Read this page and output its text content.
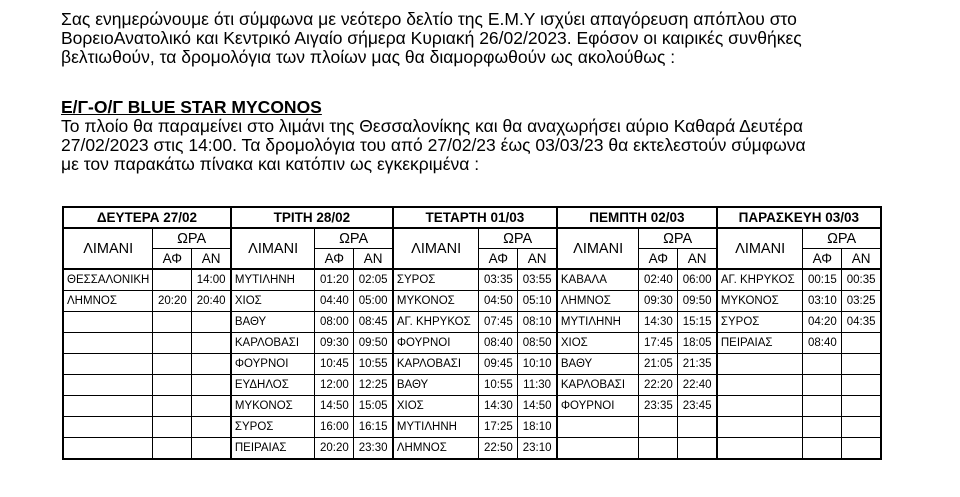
Σας ενημερώνουμε ότι σύμφωνα με νεότερο δελτίο της Ε.Μ.Υ ισχύει απαγόρευση απόπλου στο
ΒορειοΑνατολικό και Κεντρικό Αιγαίο σήμερα Κυριακή 26/02/2023. Εφόσον οι καιρικές συνθήκες
βελτιωθούν, τα δρομολόγια των πλοίων μας θα διαμορφωθούν ως ακολούθως :

Ε/Γ-Ο/Γ BLUE STAR MYCONOS

Το πλοίο θα παραμείνει στο λιμάνι της Θεσσαλονίκης και θα αναχωρήσει αύριο Καθαρά Δευτέρα
27/02/2023 στις 14:00. Τα δρομολόγια του από 27/02/23 έως 03/03/23 θα εκτελεστούν σύμφωνα
με τον παρακάτω πίνακα και κατόπιν ως εγκεκριμένα :

ΔΕΥΤΕΡΑ 27/02			ΤΡΙΤΗ 28/02			ΤΕΤΑΡΤΗ 01/03			ΠΕΜΠΤΗ 02/03			ΠΑΡΑΣΚΕΥΗ 03/03		
ΛΙΜΑΝΙ	ΩΡΑ		ΛΙΜΑΝΙ	ΩΡΑ		ΛΙΜΑΝΙ	ΩΡΑ		ΛΙΜΑΝΙ	ΩΡΑ		ΛΙΜΑΝΙ	ΩΡΑ	
	ΑΦ	ΑΝ		ΑΦ	ΑΝ		ΑΦ	ΑΝ		ΑΦ	ΑΝ		ΑΦ	ΑΝ
ΘΕΣΣΑΛΟΝΙΚΗ		14:00	ΜΥΤΙΛΗΝΗ	01:20	02:05	ΣΥΡΟΣ	03:35	03:55	ΚΑΒΑΛΑ	02:40	06:00	ΑΓ. ΚΗΡΥΚΟΣ	00:15	00:35
ΛΗΜΝΟΣ	20:20	20:40	ΧΙΟΣ	04:40	05:00	ΜΥΚΟΝΟΣ	04:50	05:10	ΛΗΜΝΟΣ	09:30	09:50	ΜΥΚΟΝΟΣ	03:10	03:25
			ΒΑΘΥ	08:00	08:45	ΑΓ. ΚΗΡΥΚΟΣ	07:45	08:10	ΜΥΤΙΛΗΝΗ	14:30	15:15	ΣΥΡΟΣ	04:20	04:35
			ΚΑΡΛΟΒΑΣΙ	09:30	09:50	ΦΟΥΡΝΟΙ	08:40	08:50	ΧΙΟΣ	17:45	18:05	ΠΕΙΡΑΙΑΣ	08:40	
			ΦΟΥΡΝΟΙ	10:45	10:55	ΚΑΡΛΟΒΑΣΙ	09:45	10:10	ΒΑΘΥ	21:05	21:35			
			ΕΥΔΗΛΟΣ	12:00	12:25	ΒΑΘΥ	10:55	11:30	ΚΑΡΛΟΒΑΣΙ	22:20	22:40			
			ΜΥΚΟΝΟΣ	14:50	15:05	ΧΙΟΣ	14:30	14:50	ΦΟΥΡΝΟΙ	23:35	23:45			
			ΣΥΡΟΣ	16:00	16:15	ΜΥΤΙΛΗΝΗ	17:25	18:10						
			ΠΕΙΡΑΙΑΣ	20:20	23:30	ΛΗΜΝΟΣ	22:50	23:10						
